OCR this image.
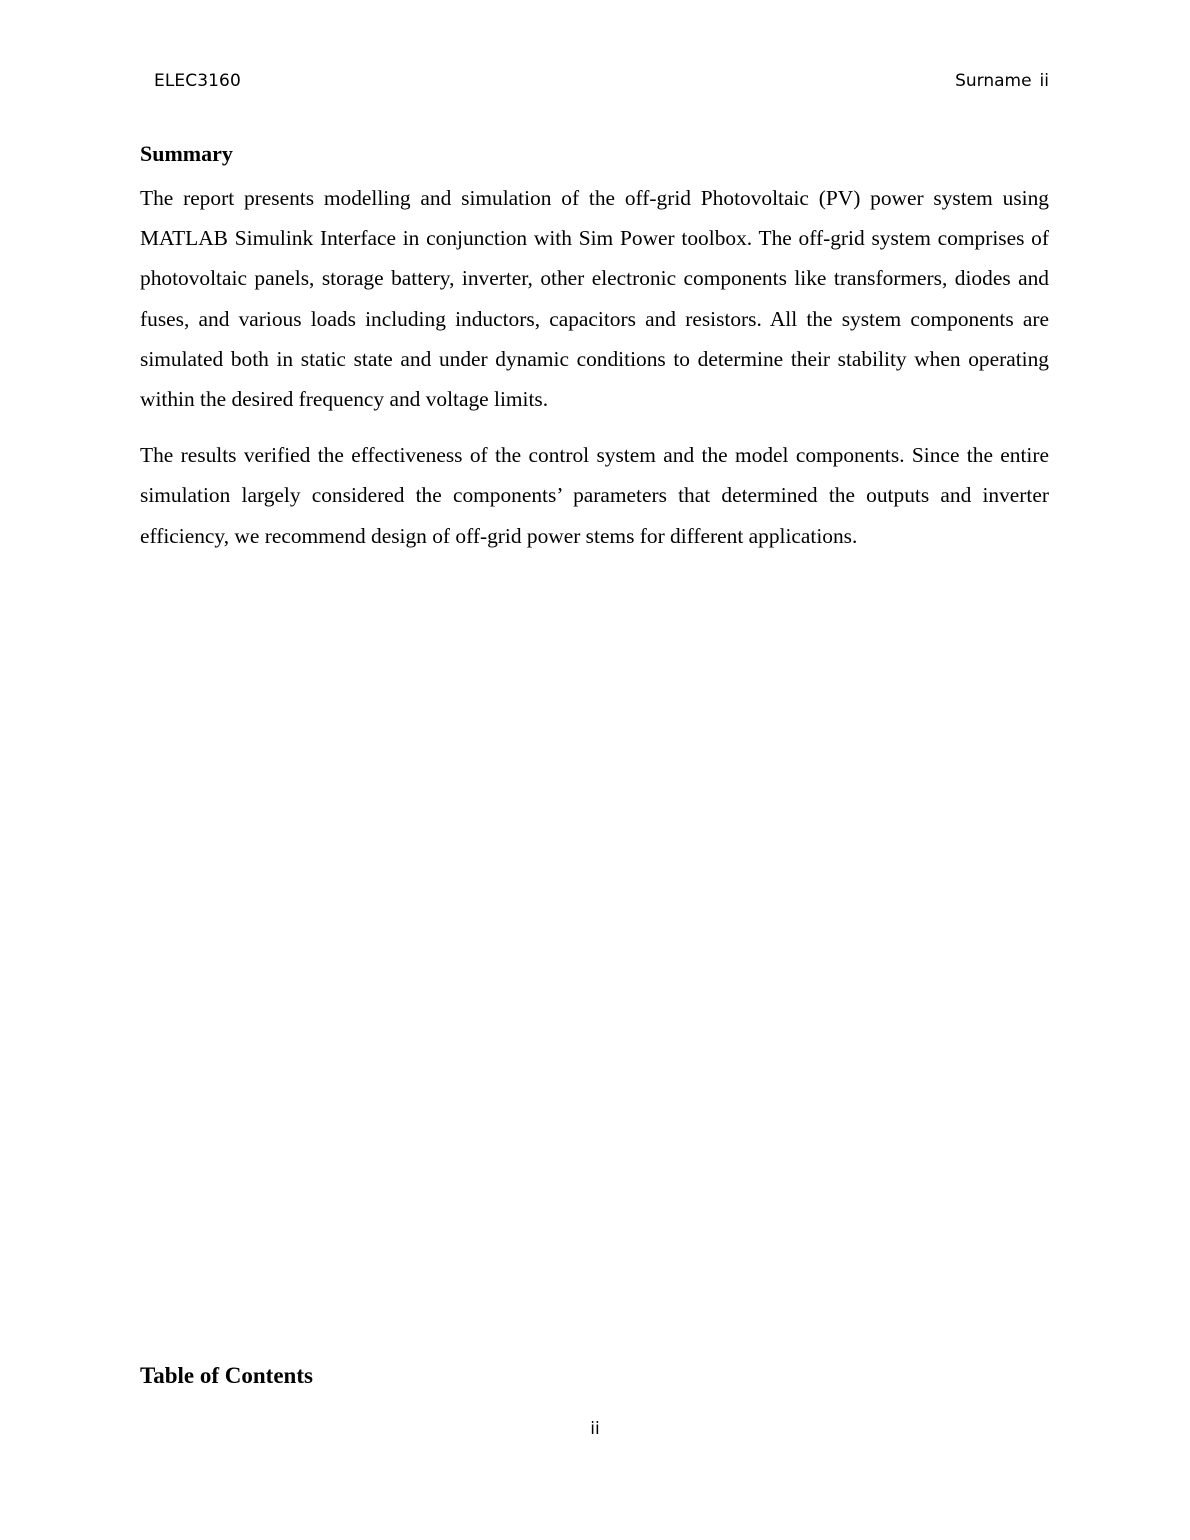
ELEC3160	Surname ii
Summary

The report presents modelling and simulation of the off-grid Photovoltaic (PV) power system using MATLAB Simulink Interface in conjunction with Sim Power toolbox. The off-grid system comprises of photovoltaic panels, storage battery, inverter, other electronic components like transformers, diodes and fuses, and various loads including inductors, capacitors and resistors. All the system components are simulated both in static state and under dynamic conditions to determine their stability when operating within the desired frequency and voltage limits.

The results verified the effectiveness of the control system and the model components. Since the entire simulation largely considered the components’ parameters that determined the outputs and inverter efficiency, we recommend design of off-grid power stems for different applications.

Table of Contents
ii
